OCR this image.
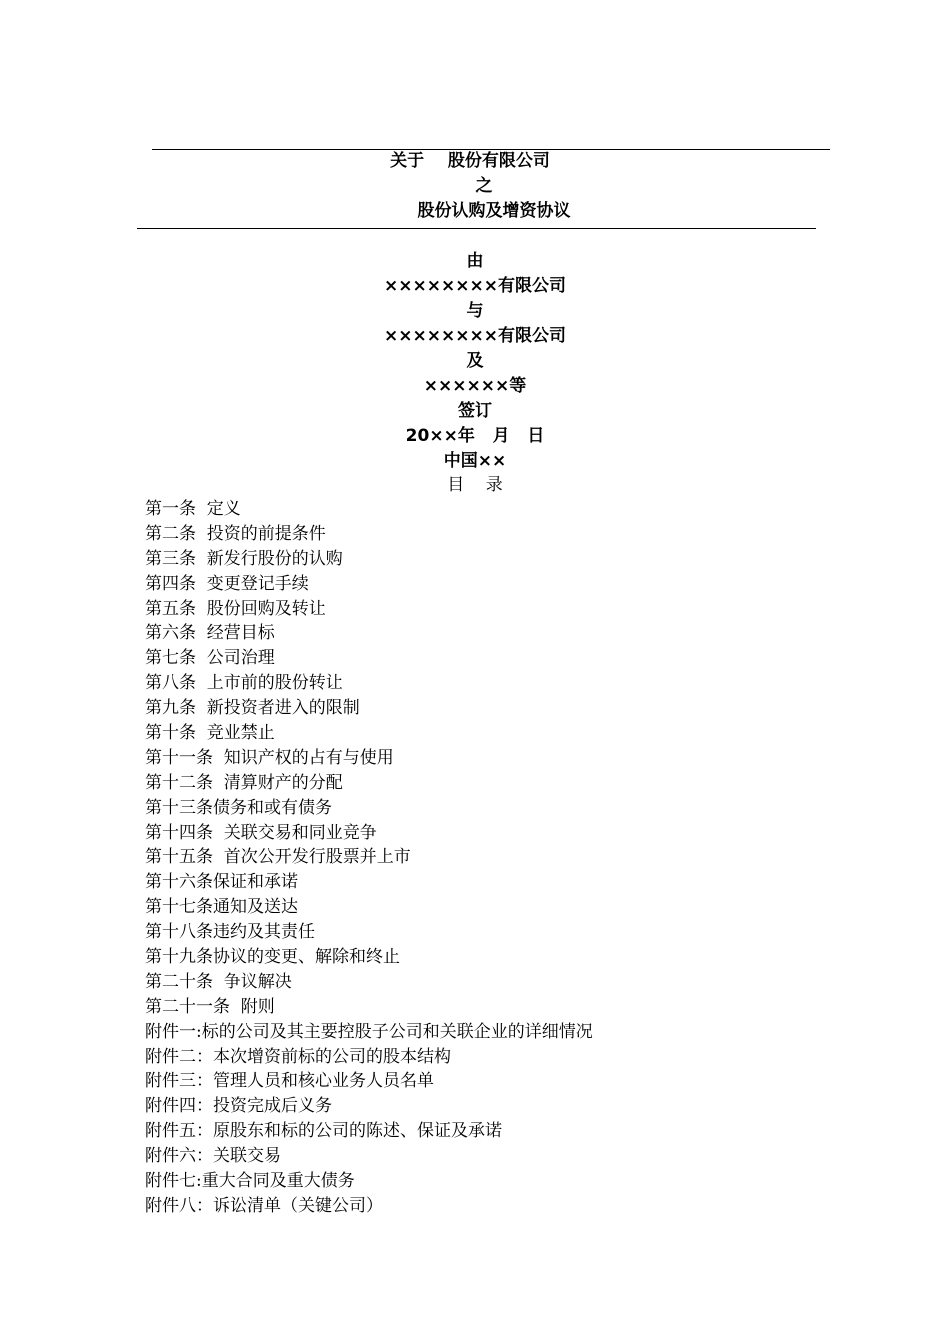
关于    股份有限公司
之
股份认购及增资协议
由
××××××××有限公司
与
××××××××有限公司
及
××××××等
签订
20××年   月   日
中国××
目    录
第一条  定义
第二条  投资的前提条件
第三条  新发行股份的认购
第四条  变更登记手续
第五条  股份回购及转让
第六条  经营目标
第七条  公司治理
第八条  上市前的股份转让
第九条  新投资者进入的限制
第十条  竞业禁止
第十一条  知识产权的占有与使用
第十二条  清算财产的分配
第十三条债务和或有债务
第十四条  关联交易和同业竞争
第十五条  首次公开发行股票并上市
第十六条保证和承诺
第十七条通知及送达
第十八条违约及其责任
第十九条协议的变更、解除和终止
第二十条  争议解决
第二十一条  附则
附件一:标的公司及其主要控股子公司和关联企业的详细情况
附件二：本次增资前标的公司的股本结构
附件三：管理人员和核心业务人员名单
附件四：投资完成后义务
附件五：原股东和标的公司的陈述、保证及承诺
附件六：关联交易
附件七:重大合同及重大债务
附件八：诉讼清单（关键公司）
